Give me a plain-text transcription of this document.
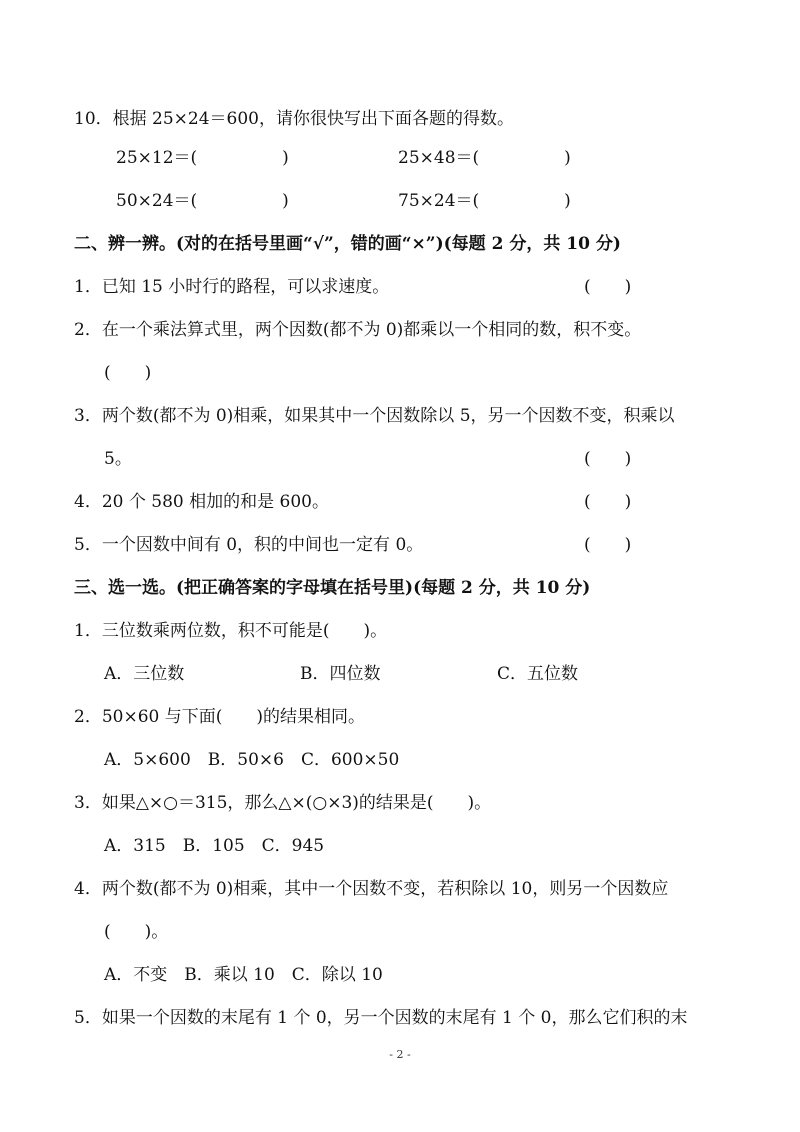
10．根据 25×24＝600，请你很快写出下面各题的得数。
25×12＝(　　　　　)	25×48＝(　　　　　)
50×24＝(　　　　　)	75×24＝(　　　　　)
二、辨一辨。(对的在括号里画“√”，错的画“×”)(每题 2 分，共 10 分)
1．已知 15 小时行的路程，可以求速度。	(　　)
2．在一个乘法算式里，两个因数(都不为 0)都乘以一个相同的数，积不变。
(　　)
3．两个数(都不为 0)相乘，如果其中一个因数除以 5，另一个因数不变，积乘以
5。	(　　)
4．20 个 580 相加的和是 600。	(　　)
5．一个因数中间有 0，积的中间也一定有 0。	(　　)
三、选一选。(把正确答案的字母填在括号里)(每题 2 分，共 10 分)
1．三位数乘两位数，积不可能是(　　)。
A．三位数	B．四位数	C．五位数
2．50×60 与下面(　　)的结果相同。
A．5×600　B．50×6　C．600×50
3．如果△×○＝315，那么△×(○×3)的结果是(　　)。
A．315　B．105　C．945
4．两个数(都不为 0)相乘，其中一个因数不变，若积除以 10，则另一个因数应
(　　)。
A．不变　B．乘以 10　C．除以 10
5．如果一个因数的末尾有 1 个 0，另一个因数的末尾有 1 个 0，那么它们积的末
- 2 -
